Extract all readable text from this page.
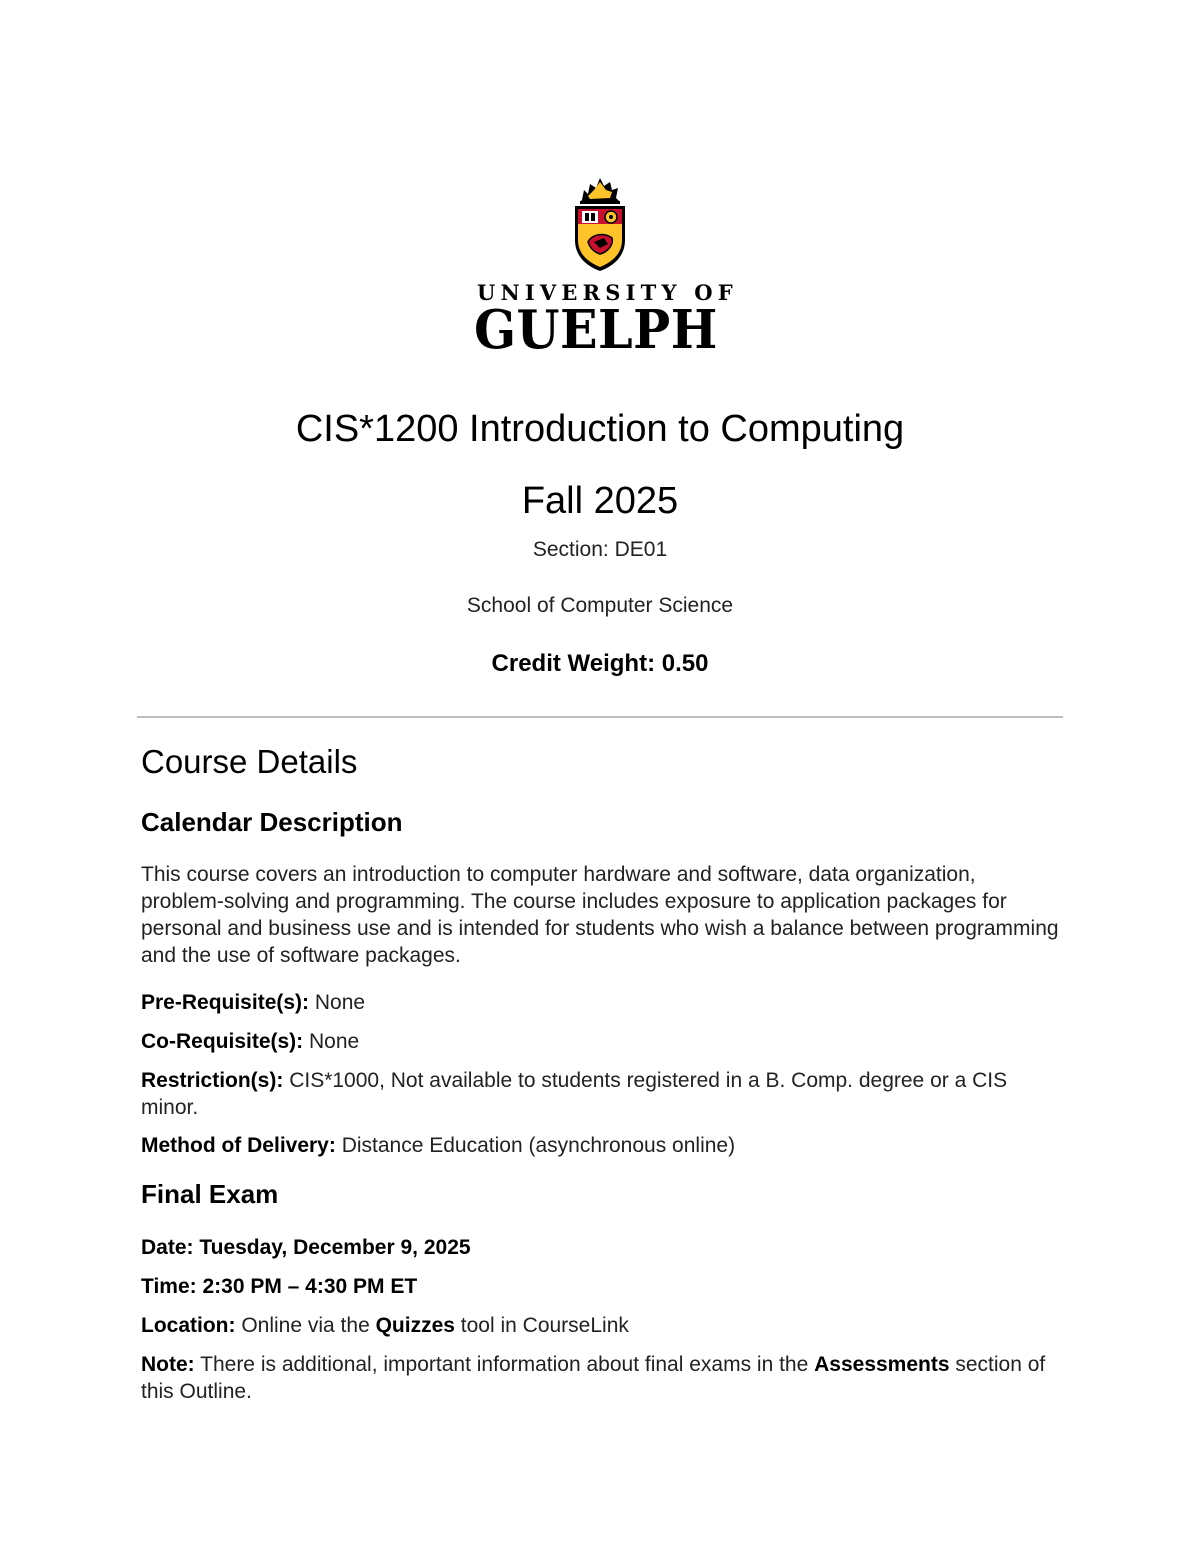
UNIVERSITY OF
GUELPH
CIS*1200 Introduction to Computing
Fall 2025
Section: DE01
School of Computer Science
Credit Weight: 0.50
Course Details
Calendar Description
This course covers an introduction to computer hardware and software, data organization, problem-solving and programming. The course includes exposure to application packages for personal and business use and is intended for students who wish a balance between programming and the use of software packages.
Pre-Requisite(s): None
Co-Requisite(s): None
Restriction(s): CIS*1000, Not available to students registered in a B. Comp. degree or a CIS minor.
Method of Delivery: Distance Education (asynchronous online)
Final Exam
Date: Tuesday, December 9, 2025
Time: 2:30 PM – 4:30 PM ET
Location: Online via the Quizzes tool in CourseLink
Note: There is additional, important information about final exams in the Assessments section of this Outline.
